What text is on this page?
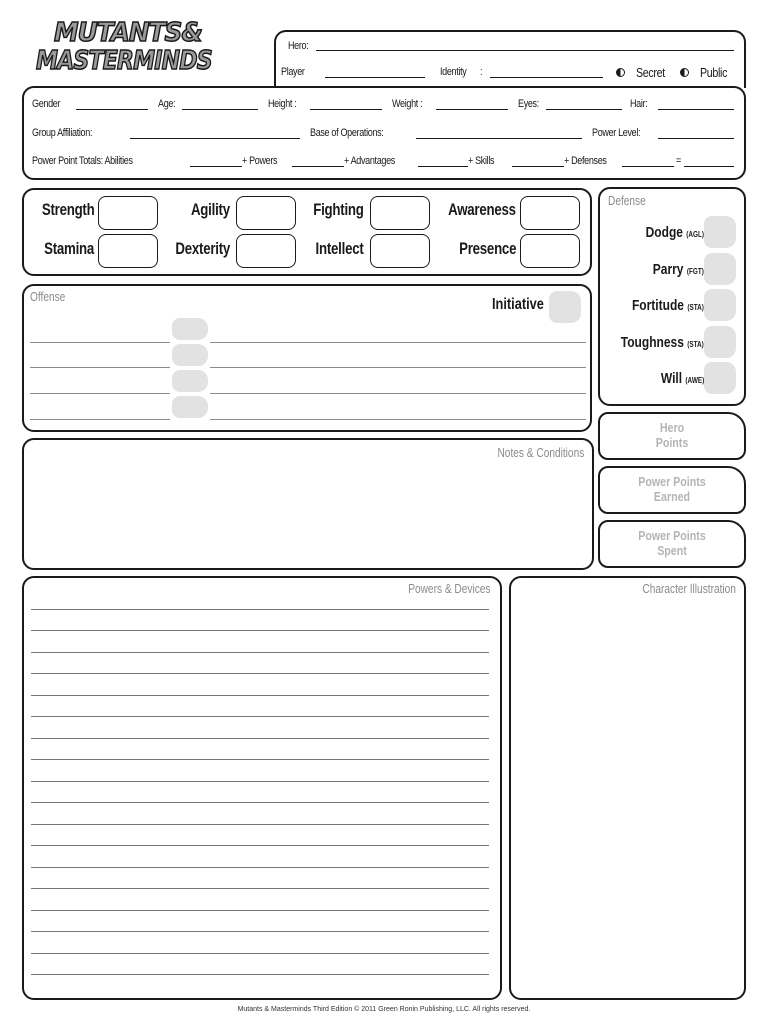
MUTANTS&
MASTERMINDS	Hero:
Player	Identity :	Secret	Public
Gender	Age:	Height :	Weight :	Eyes:	Hair:
Group Affiliation:	Base of Operations:	Power Level:
Power Point Totals: Abilities	+ Powers	+ Advantages	+ Skills	+ Defenses	=
Strength	Agility	Fighting	Awareness
Stamina	Dexterity	Intellect	Presence
Defense
Dodge (AGL)
Parry (FGT)
Fortitude (STA)
Toughness (STA)
Will (AWE)
Offense	Initiative
Hero
Points
Power Points
Earned
Power Points
Spent
Notes & Conditions
Powers & Devices	Character Illustration
Mutants & Masterminds Third Edition © 2011 Green Ronin Publishing, LLC. All rights reserved.
